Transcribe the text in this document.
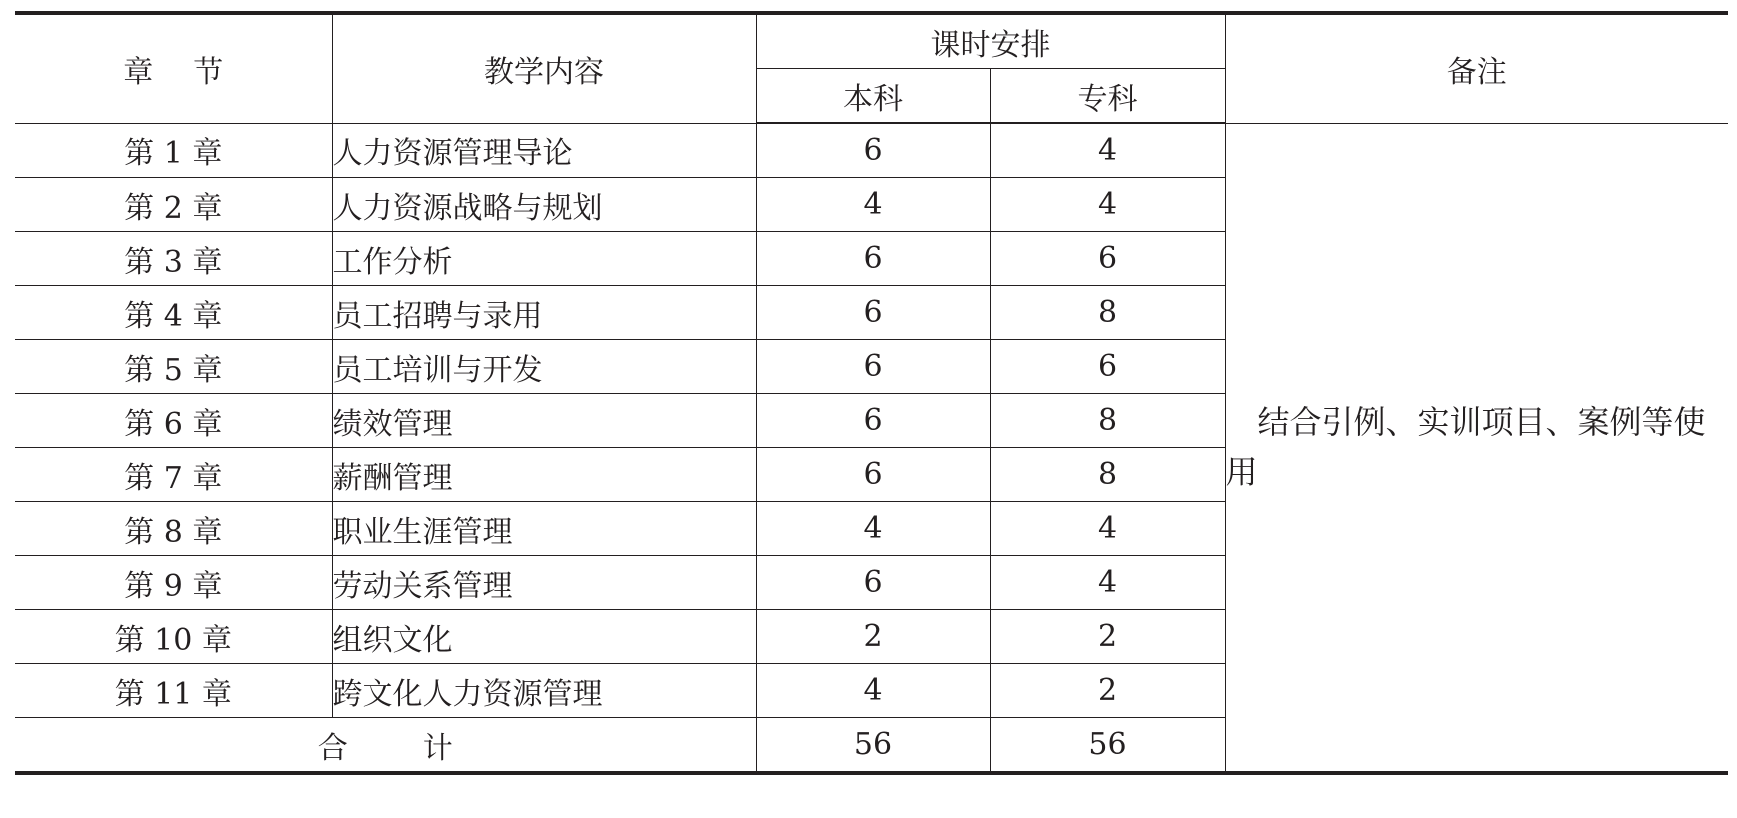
章 节	教学内容	课时安排		备注
		本科	专科	
第 1 章	人力资源管理导论	6	4	结合引例、实训项目、案例等使用
第 2 章	人力资源战略与规划	4	4	
第 3 章	工作分析	6	6	
第 4 章	员工招聘与录用	6	8	
第 5 章	员工培训与开发	6	6	
第 6 章	绩效管理	6	8	
第 7 章	薪酬管理	6	8	
第 8 章	职业生涯管理	4	4	
第 9 章	劳动关系管理	6	4	
第 10 章	组织文化	2	2	
第 11 章	跨文化人力资源管理	4	2	
合 计		56	56	
